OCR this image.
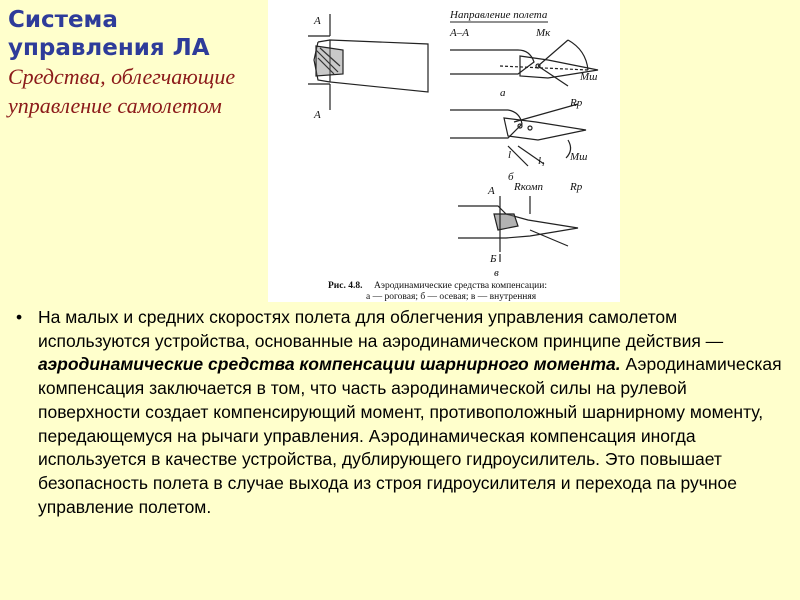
Система управления ЛА Средства, облегчающие управление самолетом
А
А
Направление полета
А–А	Mк
Мш
а
Rр
l l₁ Мш
б
А Rкомп Rр
Б
в
Рис. 4.8. Аэродинамические средства компенсации:
а — роговая; б — осевая; в — внутренняя
• На малых и средних скоростях полета для облегчения управления самолетом используются устройства, основанные на аэродинамическом принципе действия — аэродинамические средства компенсации шарнирного момента. Аэродинамическая компенсация заключается в том, что часть аэродинамической силы на рулевой поверхности создает компенсирующий момент, противоположный шарнирному моменту, передающемуся на рычаги управления. Аэродинамическая компенсация иногда используется в качестве устройства, дублирующего гидроусилитель. Это повышает безопасность полета в случае выхода из строя гидроусилителя и перехода па ручное управление полетом.
